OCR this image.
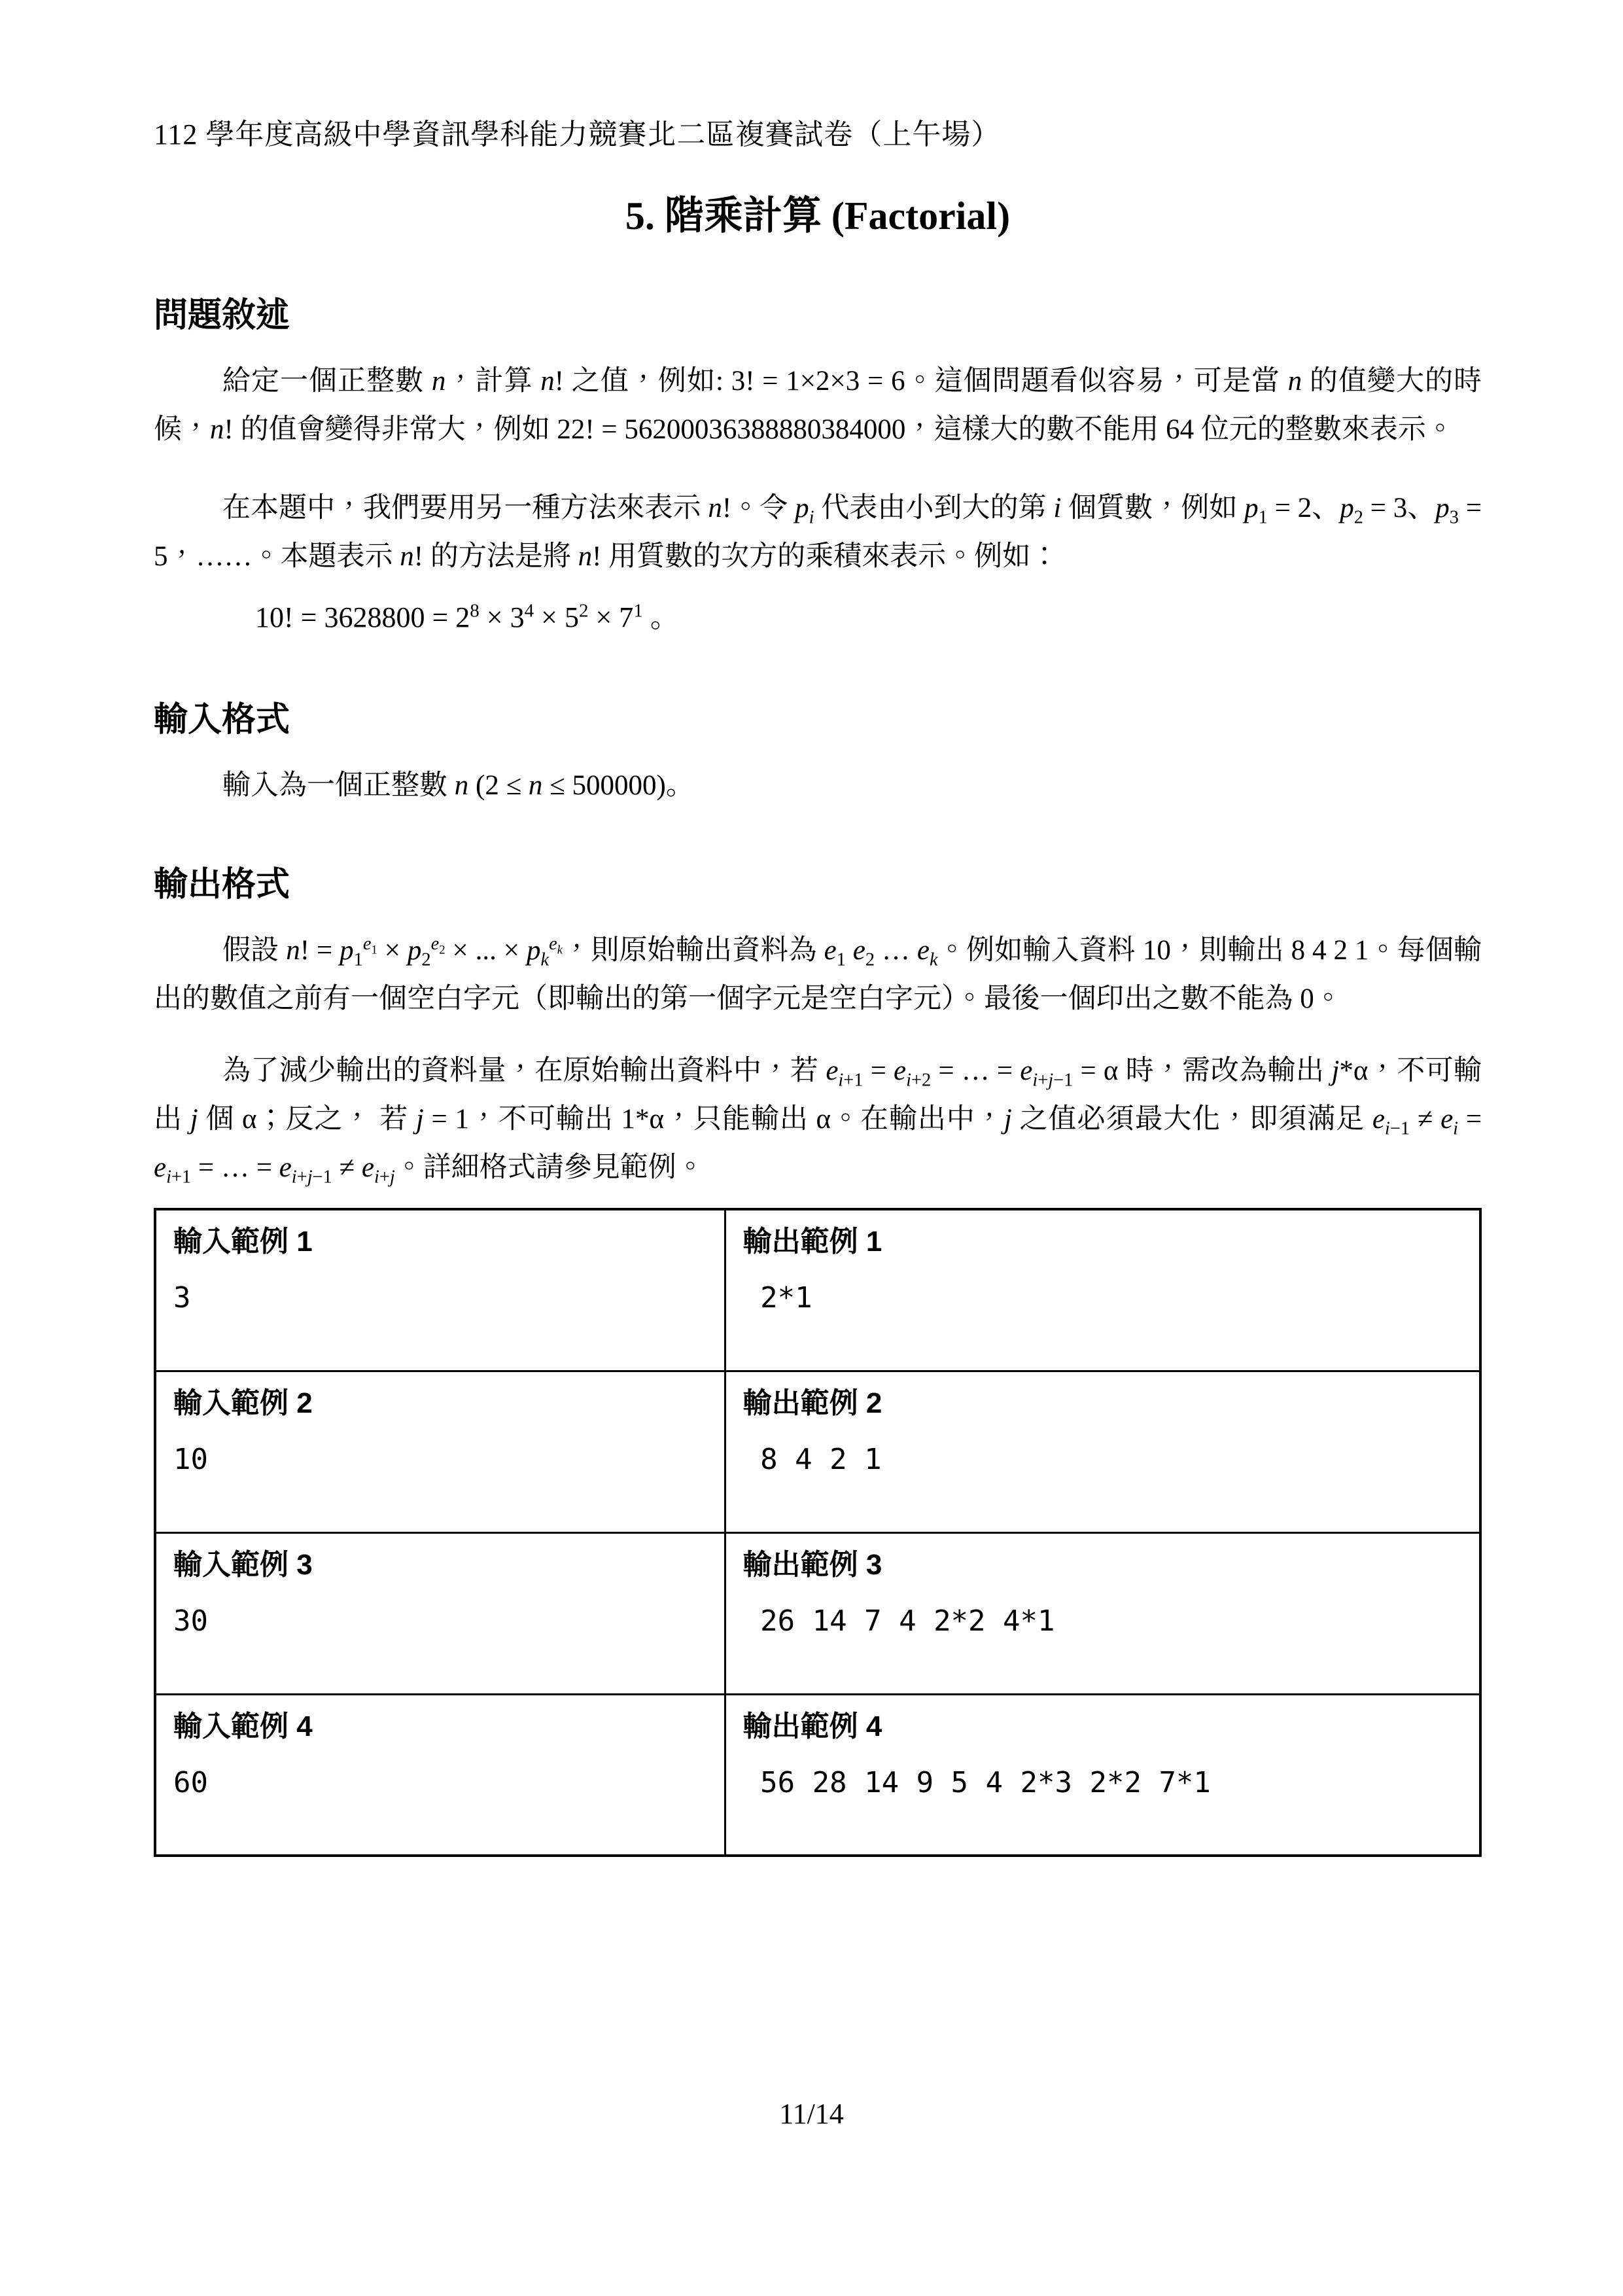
112 學年度高級中學資訊學科能力競賽北二區複賽試卷（上午場）
5. 階乘計算 (Factorial)
問題敘述

給定一個正整數 n，計算 n! 之值，例如: 3! = 1×2×3 = 6。這個問題看似容易，可是當 n 的值變大的時候，n! 的值會變得非常大，例如 22! = 56200036388880384000，這樣大的數不能用 64 位元的整數來表示。

在本題中，我們要用另一種方法來表示 n!。令 $p_i$ 代表由小到大的第 i 個質數，例如 $p_1 = 2$、$p_2 = 3$、$p_3 = 5$，……。本題表示 n! 的方法是將 n! 用質數的次方的乘積來表示。例如：

10! = $3628800 = 2^8 \times 3^4 \times 5^2 \times 7^1$ 。
輸入格式

輸入為一個正整數 n (2 ≤ n ≤ 500000)。

輸出格式

假設 n! = $p_1^{e_1} \times p_2^{e_2}$ × ... × $p_k^{e_k}$，則原始輸出資料為 $e_1$ $e_2$ … $e_k$。例如輸入資料 10，則輸出 8 4 2 1。每個輸出的數值之前有一個空白字元（即輸出的第一個字元是空白字元）。最後一個印出之數不能為 0。

為了減少輸出的資料量，在原始輸出資料中，若 $e_{i+1} = e_{i+2}$ = … = $e_{i+j-1} = \alpha$ 時，需改為輸出 j*α，不可輸出 j 個 α；反之， 若 j = 1，不可輸出 1*α，只能輸出 α。在輸出中，j 之值必須最大化，即須滿足 $e_{i-1} \ne e_i = e_{i+1}$ = … = $e_{i+j-1} \ne e_{i+j}$。詳細格式請參見範例。

輸入範例 1
3

輸出範例 1
2*1

輸入範例 2
10

輸出範例 2
8 4 2 1

輸入範例 3
30

輸出範例 3
26 14 7 4 2*2 4*1

輸入範例 4
60

輸出範例 4
56 28 14 9 5 4 2*3 2*2 7*1
11/14
